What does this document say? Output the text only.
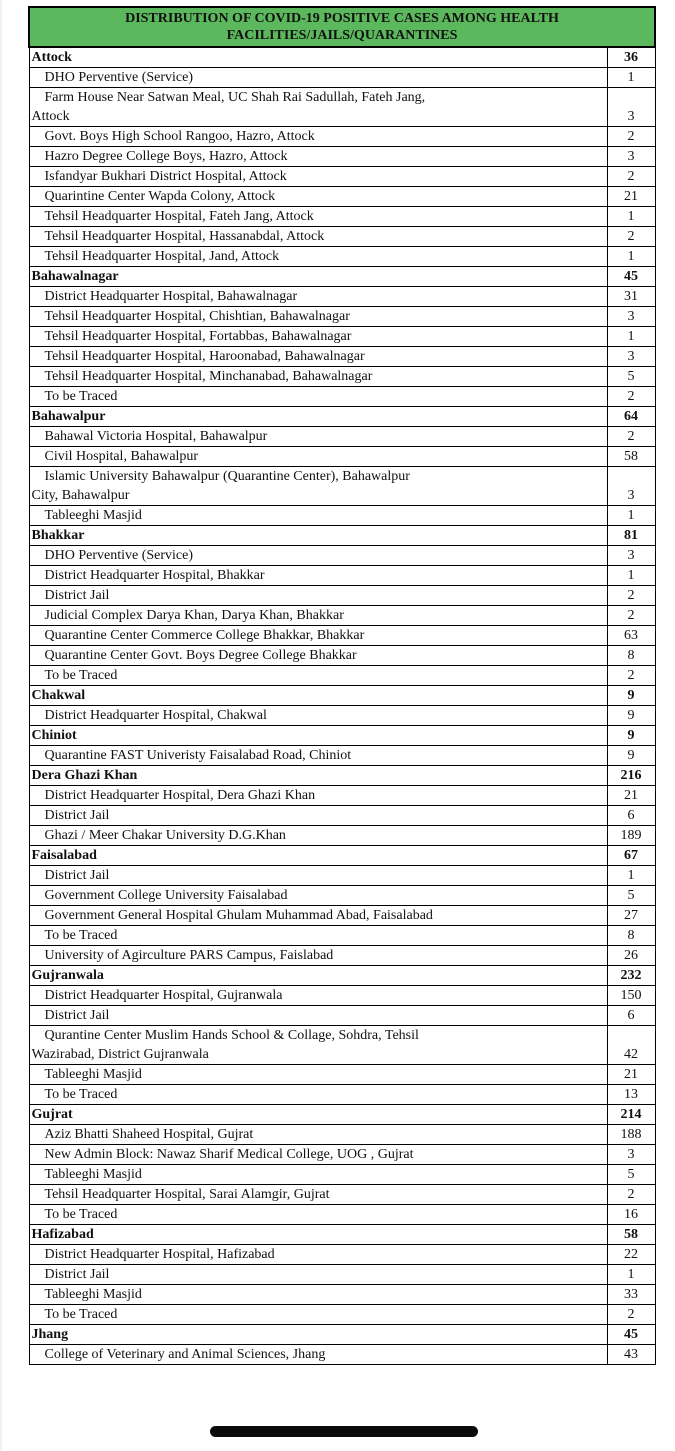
DISTRIBUTION OF COVID-19 POSITIVE CASES AMONG HEALTH
FACILITIES/JAILS/QUARANTINES	
Attock	36
DHO Perventive (Service)	1
Farm House Near Satwan Meal, UC Shah Rai Sadullah, Fateh Jang,
Attock	3
Govt. Boys High School Rangoo, Hazro, Attock	2
Hazro Degree College Boys, Hazro, Attock	3
Isfandyar Bukhari District Hospital, Attock	2
Quarintine Center Wapda Colony, Attock	21
Tehsil Headquarter Hospital, Fateh Jang, Attock	1
Tehsil Headquarter Hospital, Hassanabdal, Attock	2
Tehsil Headquarter Hospital, Jand, Attock	1
Bahawalnagar	45
District Headquarter Hospital, Bahawalnagar	31
Tehsil Headquarter Hospital, Chishtian, Bahawalnagar	3
Tehsil Headquarter Hospital, Fortabbas, Bahawalnagar	1
Tehsil Headquarter Hospital, Haroonabad, Bahawalnagar	3
Tehsil Headquarter Hospital, Minchanabad, Bahawalnagar	5
To be Traced	2
Bahawalpur	64
Bahawal Victoria Hospital, Bahawalpur	2
Civil Hospital, Bahawalpur	58
Islamic University Bahawalpur (Quarantine Center), Bahawalpur
City, Bahawalpur	3
Tableeghi Masjid	1
Bhakkar	81
DHO Perventive (Service)	3
District Headquarter Hospital, Bhakkar	1
District Jail	2
Judicial Complex Darya Khan, Darya Khan, Bhakkar	2
Quarantine Center Commerce College Bhakkar, Bhakkar	63
Quarantine Center Govt. Boys Degree College Bhakkar	8
To be Traced	2
Chakwal	9
District Headquarter Hospital, Chakwal	9
Chiniot	9
Quarantine FAST Univeristy Faisalabad Road, Chiniot	9
Dera Ghazi Khan	216
District Headquarter Hospital, Dera Ghazi Khan	21
District Jail	6
Ghazi / Meer Chakar University D.G.Khan	189
Faisalabad	67
District Jail	1
Government College University Faisalabad	5
Government General Hospital Ghulam Muhammad Abad, Faisalabad	27
To be Traced	8
University of Agirculture PARS Campus, Faislabad	26
Gujranwala	232
District Headquarter Hospital, Gujranwala	150
District Jail	6
Qurantine Center Muslim Hands School & Collage, Sohdra, Tehsil
Wazirabad, District Gujranwala	42
Tableeghi Masjid	21
To be Traced	13
Gujrat	214
Aziz Bhatti Shaheed Hospital, Gujrat	188
New Admin Block: Nawaz Sharif Medical College, UOG , Gujrat	3
Tableeghi Masjid	5
Tehsil Headquarter Hospital, Sarai Alamgir, Gujrat	2
To be Traced	16
Hafizabad	58
District Headquarter Hospital, Hafizabad	22
District Jail	1
Tableeghi Masjid	33
To be Traced	2
Jhang	45
College of Veterinary and Animal Sciences, Jhang	43
